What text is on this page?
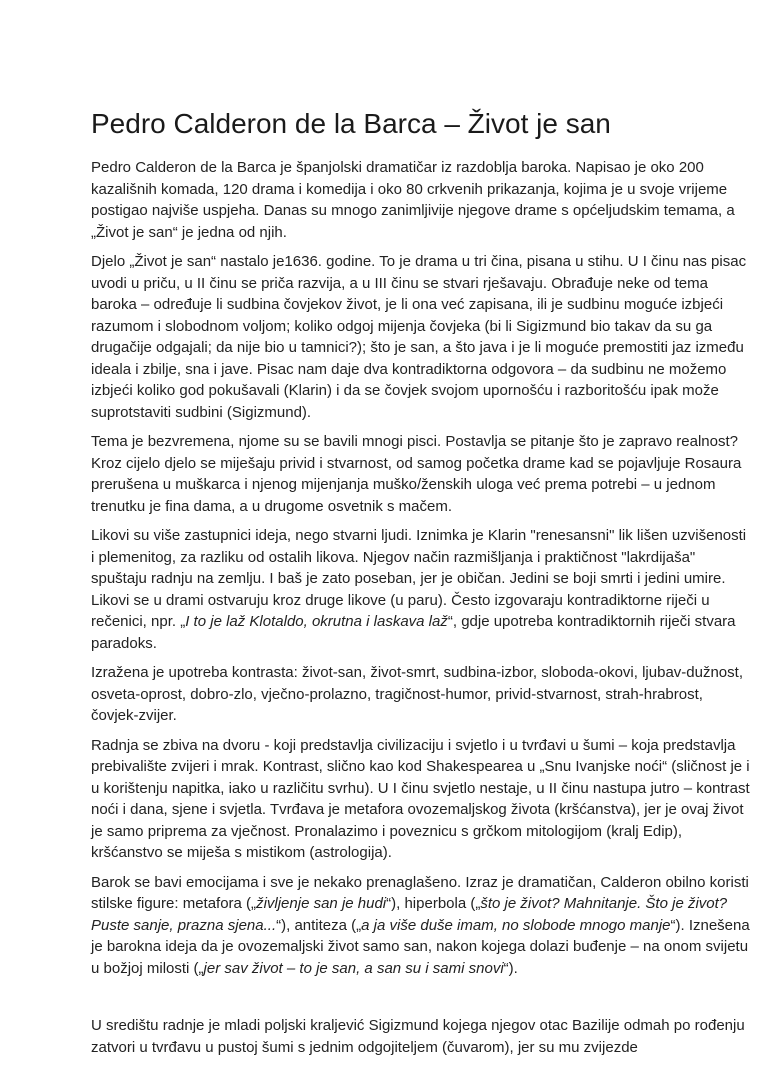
Pedro Calderon de la Barca – Život je san

Pedro Calderon de la Barca je španjolski dramatičar iz razdoblja baroka. Napisao je oko 200 kazališnih komada, 120 drama i komedija i oko 80 crkvenih prikazanja, kojima je u svoje vrijeme postigao najviše uspjeha. Danas su mnogo zanimljivije njegove drame s općeljudskim temama, a „Život je san“ je jedna od njih.

Djelo „Život je san“ nastalo je1636. godine. To je drama u tri čina, pisana u stihu. U I činu nas pisac uvodi u priču, u II činu se priča razvija, a u III činu se stvari rješavaju. Obrađuje neke od tema baroka – određuje li sudbina čovjekov život, je li ona već zapisana, ili je sudbinu moguće izbjeći razumom i slobodnom voljom; koliko odgoj mijenja čovjeka (bi li Sigizmund bio takav da su ga drugačije odgajali; da nije bio u tamnici?); što je san, a što java i je li moguće premostiti jaz između ideala i zbilje, sna i jave. Pisac nam daje dva kontradiktorna odgovora – da sudbinu ne možemo izbjeći koliko god pokušavali (Klarin) i da se čovjek svojom upornošću i razboritošću ipak može suprotstaviti sudbini (Sigizmund).

Tema je bezvremena, njome su se bavili mnogi pisci. Postavlja se pitanje što je zapravo realnost? Kroz cijelo djelo se miješaju privid i stvarnost, od samog početka drame kad se pojavljuje Rosaura prerušena u muškarca i njenog mijenjanja muško/ženskih uloga već prema potrebi – u jednom trenutku je fina dama, a u drugome osvetnik s mačem.

Likovi su više zastupnici ideja, nego stvarni ljudi. Iznimka je Klarin "renesansni" lik lišen uzvišenosti i plemenitog, za razliku od ostalih likova. Njegov način razmišljanja i praktičnost "lakrdijaša" spuštaju radnju na zemlju. I baš je zato poseban, jer je običan. Jedini se boji smrti i jedini umire. Likovi se u drami ostvaruju kroz druge likove (u paru). Često izgovaraju kontradiktorne riječi u rečenici, npr. „I to je laž Klotaldo, okrutna i laskava laž“, gdje upotreba kontradiktornih riječi stvara paradoks.

Izražena je upotreba kontrasta: život-san, život-smrt, sudbina-izbor, sloboda-okovi, ljubav-dužnost, osveta-oprost, dobro-zlo, vječno-prolazno, tragičnost-humor, privid-stvarnost, strah-hrabrost, čovjek-zvijer.

Radnja se zbiva na dvoru - koji predstavlja civilizaciju i svjetlo i u tvrđavi u šumi – koja predstavlja prebivalište zvijeri i mrak. Kontrast, slično kao kod Shakespearea u „Snu Ivanjske noći“ (sličnost je i u korištenju napitka, iako u različitu svrhu). U I činu svjetlo nestaje, u II činu nastupa jutro – kontrast noći i dana, sjene i svjetla. Tvrđava je metafora ovozemaljskog života (kršćanstva), jer je ovaj život je samo priprema za vječnost. Pronalazimo i poveznicu s grčkom mitologijom (kralj Edip), kršćanstvo se miješa s mistikom (astrologija).

Barok se bavi emocijama i sve je nekako prenaglašeno. Izraz je dramatičan, Calderon obilno koristi stilske figure: metafora („življenje san je hudi“), hiperbola („što je život? Mahnitanje. Što je život? Puste sanje, prazna sjena...“), antiteza („a ja više duše imam, no slobode mnogo manje“). Iznešena je barokna ideja da je ovozemaljski život samo san, nakon kojega dolazi buđenje – na onom svijetu u božjoj milosti („jer sav život – to je san, a san su i sami snovi“).

U središtu radnje je mladi poljski kraljević Sigizmund kojega njegov otac Bazilije odmah po rođenju zatvori u tvrđavu u pustoj šumi s jednim odgojiteljem (čuvarom), jer su mu zvijezde
